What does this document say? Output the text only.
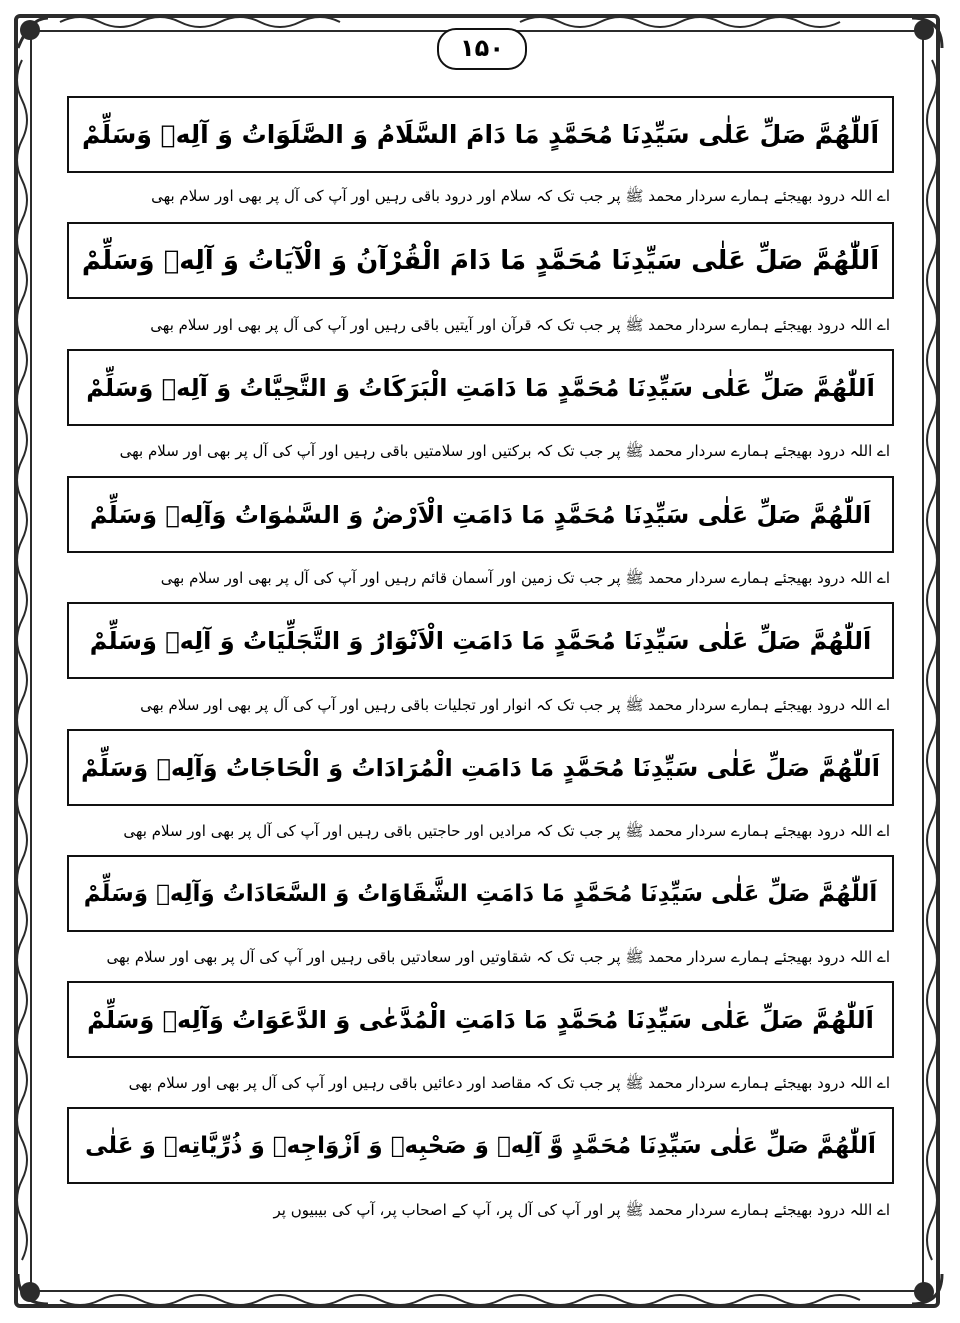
۱۵۰
اَللّٰهُمَّ صَلِّ عَلٰى سَيِّدِنَا مُحَمَّدٍ مَا دَامَ السَّلَامُ وَ الصَّلَوَاتُ وَ آلِهٖ وَسَلِّمْ
اے اللہ درود بھیجئے ہمارے سردار محمد ﷺ پر جب تک کہ سلام اور درود باقی رہیں اور آپ کی آل پر بھی اور سلام بھی
اَللّٰهُمَّ صَلِّ عَلٰى سَيِّدِنَا مُحَمَّدٍ مَا دَامَ الْقُرْآنُ وَ الْآيَاتُ وَ آلِهٖ وَسَلِّمْ
اے اللہ درود بھیجئے ہمارے سردار محمد ﷺ پر جب تک کہ قرآن اور آیتیں باقی رہیں اور آپ کی آل پر بھی اور سلام بھی
اَللّٰهُمَّ صَلِّ عَلٰى سَيِّدِنَا مُحَمَّدٍ مَا دَامَتِ الْبَرَكَاتُ وَ التَّحِيَّاتُ وَ آلِهٖ وَسَلِّمْ
اے اللہ درود بھیجئے ہمارے سردار محمد ﷺ پر جب تک کہ برکتیں اور سلامتیں باقی رہیں اور آپ کی آل پر بھی اور سلام بھی
اَللّٰهُمَّ صَلِّ عَلٰى سَيِّدِنَا مُحَمَّدٍ مَا دَامَتِ الْاَرْضُ وَ السَّمٰوَاتُ وَآلِهٖ وَسَلِّمْ
اے اللہ درود بھیجئے ہمارے سردار محمد ﷺ پر جب تک زمین اور آسمان قائم رہیں اور آپ کی آل پر بھی اور سلام بھی
اَللّٰهُمَّ صَلِّ عَلٰى سَيِّدِنَا مُحَمَّدٍ مَا دَامَتِ الْاَنْوَارُ وَ التَّجَلِّيَاتُ وَ آلِهٖ وَسَلِّمْ
اے اللہ درود بھیجئے ہمارے سردار محمد ﷺ پر جب تک کہ انوار اور تجلیات باقی رہیں اور آپ کی آل پر بھی اور سلام بھی
اَللّٰهُمَّ صَلِّ عَلٰى سَيِّدِنَا مُحَمَّدٍ مَا دَامَتِ الْمُرَادَاتُ وَ الْحَاجَاتُ وَآلِهٖ وَسَلِّمْ
اے اللہ درود بھیجئے ہمارے سردار محمد ﷺ پر جب تک کہ مرادیں اور حاجتیں باقی رہیں اور آپ کی آل پر بھی اور سلام بھی
اَللّٰهُمَّ صَلِّ عَلٰى سَيِّدِنَا مُحَمَّدٍ مَا دَامَتِ الشَّقَاوَاتُ وَ السَّعَادَاتُ وَآلِهٖ وَسَلِّمْ
اے اللہ درود بھیجئے ہمارے سردار محمد ﷺ پر جب تک کہ شقاوتیں اور سعادتیں باقی رہیں اور آپ کی آل پر بھی اور سلام بھی
اَللّٰهُمَّ صَلِّ عَلٰى سَيِّدِنَا مُحَمَّدٍ مَا دَامَتِ الْمُدَّعٰى وَ الدَّعَوَاتُ وَآلِهٖ وَسَلِّمْ
اے اللہ درود بھیجئے ہمارے سردار محمد ﷺ پر جب تک کہ مقاصد اور دعائیں باقی رہیں اور آپ کی آل پر بھی اور سلام بھی
اَللّٰهُمَّ صَلِّ عَلٰى سَيِّدِنَا مُحَمَّدٍ وَّ آلِهٖ وَ صَحْبِهٖ وَ اَزْوَاجِهٖ وَ ذُرِّيَّاتِهٖ وَ عَلٰى
اے اللہ درود بھیجئے ہمارے سردار محمد ﷺ پر اور آپ کی آل پر، آپ کے اصحاب پر، آپ کی بیبیوں پر
